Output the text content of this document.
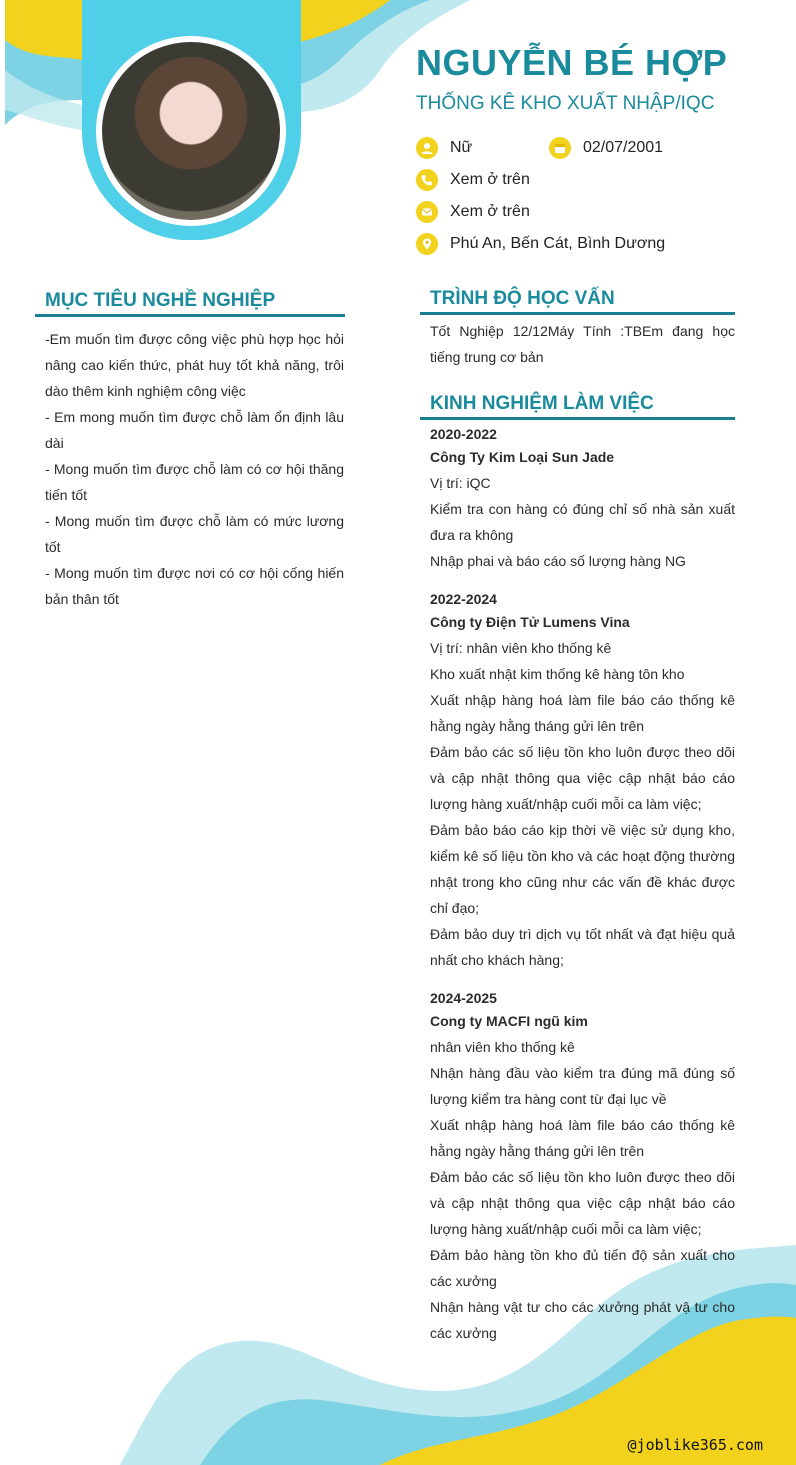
NGUYỄN BÉ HỢP
THỐNG KÊ KHO XUẤT NHẬP/IQC
Nữ	02/07/2001
Xem ở trên
Xem ở trên
Phú An, Bến Cát, Bình Dương
MỤC TIÊU NGHỀ NGHIỆP

-Em muốn tìm được công việc phù hợp học hỏi nâng cao kiến thức, phát huy tốt khả năng, trôi dào thêm kinh nghiệm công việc

- Em mong muốn tìm được chỗ làm ổn định lâu dài

- Mong muốn tìm được chỗ làm có cơ hội thăng tiến tốt

- Mong muốn tìm được chỗ làm có mức lương tốt

- Mong muốn tìm được nơi có cơ hội cống hiến bản thân tốt

TRÌNH ĐỘ HỌC VẤN

Tốt Nghiệp 12/12Máy Tính :TBEm đang học tiếng trung cơ bản

KINH NGHIỆM LÀM VIỆC

2020-2022

Công Ty Kim Loại Sun Jade

Vị trí: iQC

Kiểm tra con hàng có đúng chỉ số nhà sản xuất đưa ra không

Nhập phai và báo cáo số lượng hàng NG

2022-2024

Công ty Điện Tử Lumens Vina

Vị trí: nhân viên kho thống kê

Kho xuất nhật kim thống kê hàng tôn kho

Xuất nhập hàng hoá làm file báo cáo thống kê hằng ngày hằng tháng gửi lên trên

Đảm bảo các số liệu tồn kho luôn được theo dõi và cập nhật thông qua việc cập nhật báo cáo lượng hàng xuất/nhập cuối mỗi ca làm việc;

Đảm bảo báo cáo kịp thời về việc sử dụng kho, kiểm kê số liệu tồn kho và các hoạt động thường nhật trong kho cũng như các vấn đề khác được chỉ đạo;

Đảm bảo duy trì dịch vụ tốt nhất và đạt hiệu quả nhất cho khách hàng;

2024-2025

Cong ty MACFI ngũ kim

nhân viên kho thống kê

Nhận hàng đầu vào kiểm tra đúng mã đúng số lượng kiểm tra hàng cont từ đại lục về

Xuất nhập hàng hoá làm file báo cáo thống kê hằng ngày hằng tháng gửi lên trên

Đảm bảo các số liệu tồn kho luôn được theo dõi và cập nhật thông qua việc cập nhật báo cáo lượng hàng xuất/nhập cuối mỗi ca làm việc;

Đảm bảo hàng tồn kho đủ tiến độ sản xuất cho các xưởng

Nhận hàng vật tư cho các xưởng phát vậ tư cho các xưởng

@joblike365.com
